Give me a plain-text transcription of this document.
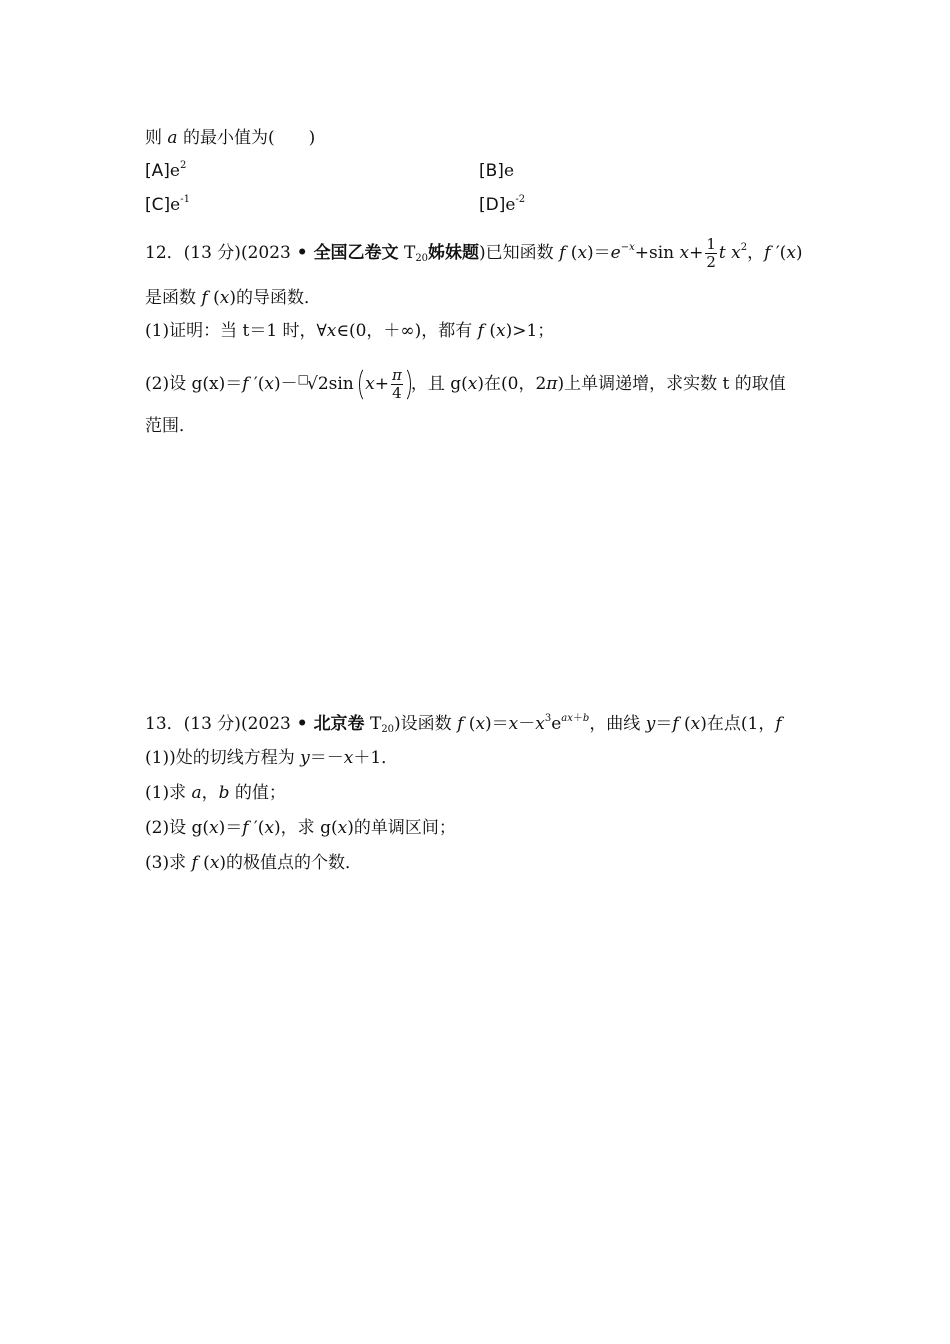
则 a 的最小值为(　　)
$[A]e^2$	[B]e
$[C]e^{-1}$	$[D]e^{-2}$
12．(13 分)(2023 • 全国乙卷文 $T_{20}$姊妹题)已知函数 f $(x)=e^{-x}+\sin$ $x+ \frac{1}{2}$ t $x^2$，f ′(x)
是函数 f (x)的导函数．
(1)证明：当 t＝1 时，∀x∈(0，＋∞)，都有 f (x)>1；
(2)设 g(x)＝f ′(x)－□√2sin $x+ \frac{\pi}{4}$ ，且 g(x)在(0，2π)上单调递增，求实数 t 的取值
范围．
13．(13 分)(2023 • 北京卷 $T_{20}$)设函数 f $(x)=x-x^3e^{ax+b}$，曲线 y＝f (x)在点(1，f
(1))处的切线方程为 y＝－x＋1．
(1)求 a，b 的值；
(2)设 g(x)＝f ′(x)，求 g(x)的单调区间；
(3)求 f (x)的极值点的个数．
